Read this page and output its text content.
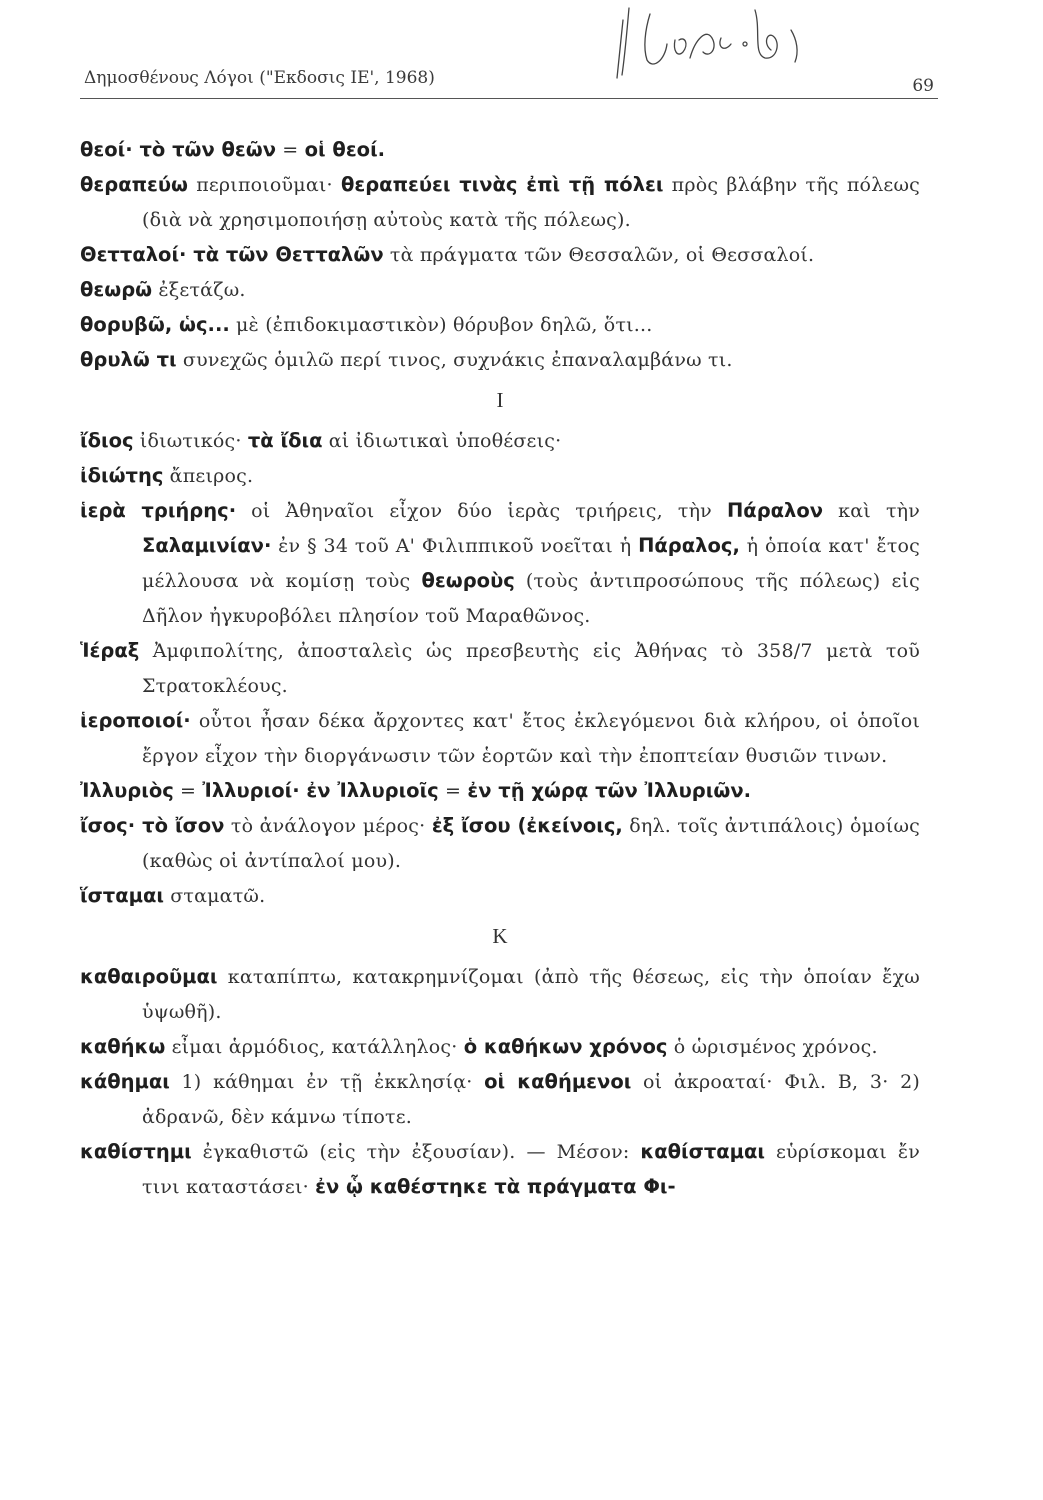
Δημοσθένους Λόγοι ("Εκδοσις ΙΕ', 1968)	69

θεοί· τὸ τῶν θεῶν = οἱ θεοί.

θεραπεύω περιποιοῦμαι· θεραπεύει τινὰς ἐπὶ τῇ πόλει πρὸς βλάβην τῆς πόλεως (διὰ νὰ χρησιμοποιήσῃ αὐτοὺς κατὰ τῆς πόλεως).

Θετταλοί· τὰ τῶν Θετταλῶν τὰ πράγματα τῶν Θεσσαλῶν, οἱ Θεσσαλοί.

θεωρῶ ἐξετάζω.

θορυβῶ, ὡς... μὲ (ἐπιδοκιμαστικὸν) θόρυβον δηλῶ, ὅτι...

θρυλῶ τι συνεχῶς ὁμιλῶ περί τινος, συχνάκις ἐπαναλαμβάνω τι.

Ι

ἴδιος ἰδιωτικός· τὰ ἴδια αἱ ἰδιωτικαὶ ὑποθέσεις·

ἰδιώτης ἄπειρος.

ἱερὰ τριήρης· οἱ Ἀθηναῖοι εἶχον δύο ἱερὰς τριήρεις, τὴν Πάραλον καὶ τὴν Σαλαμινίαν· ἐν § 34 τοῦ Α' Φιλιππικοῦ νοεῖται ἡ Πάραλος, ἡ ὁποία κατ' ἔτος μέλλουσα νὰ κομίσῃ τοὺς θεωροὺς (τοὺς ἀντιπροσώπους τῆς πόλεως) εἰς Δῆλον ἠγκυροβόλει πλησίον τοῦ Μαραθῶνος.

Ἱέραξ Ἀμφιπολίτης, ἀποσταλεὶς ὡς πρεσβευτὴς εἰς Ἀθήνας τὸ 358/7 μετὰ τοῦ Στρατοκλέους.

ἱεροποιοί· οὗτοι ἦσαν δέκα ἄρχοντες κατ' ἔτος ἐκλεγόμενοι διὰ κλήρου, οἱ ὁποῖοι ἔργον εἶχον τὴν διοργάνωσιν τῶν ἑορτῶν καὶ τὴν ἐποπτείαν θυσιῶν τινων.

Ἰλλυριὸς = Ἰλλυριοί· ἐν Ἰλλυριοῖς = ἐν τῇ χώρᾳ τῶν Ἰλλυριῶν.

ἴσος· τὸ ἴσον τὸ ἀνάλογον μέρος· ἐξ ἴσου (ἐκείνοις, δηλ. τοῖς ἀντιπάλοις) ὁμοίως (καθὼς οἱ ἀντίπαλοί μου).

ἵσταμαι σταματῶ.

Κ

καθαιροῦμαι καταπίπτω, κατακρημνίζομαι (ἀπὸ τῆς θέσεως, εἰς τὴν ὁποίαν ἔχω ὑψωθῆ).

καθήκω εἶμαι ἁρμόδιος, κατάλληλος· ὁ καθήκων χρόνος ὁ ὡρισμένος χρόνος.

κάθημαι 1) κάθημαι ἐν τῇ ἐκκλησίᾳ· οἱ καθήμενοι οἱ ἀκροαταί· Φιλ. Β, 3· 2) ἀδρανῶ, δὲν κάμνω τίποτε.

καθίστημι ἐγκαθιστῶ (εἰς τὴν ἐξουσίαν). — Μέσον: καθίσταμαι εὑρίσκομαι ἔν τινι καταστάσει· ἐν ᾧ καθέστηκε τὰ πράγματα Φι-
